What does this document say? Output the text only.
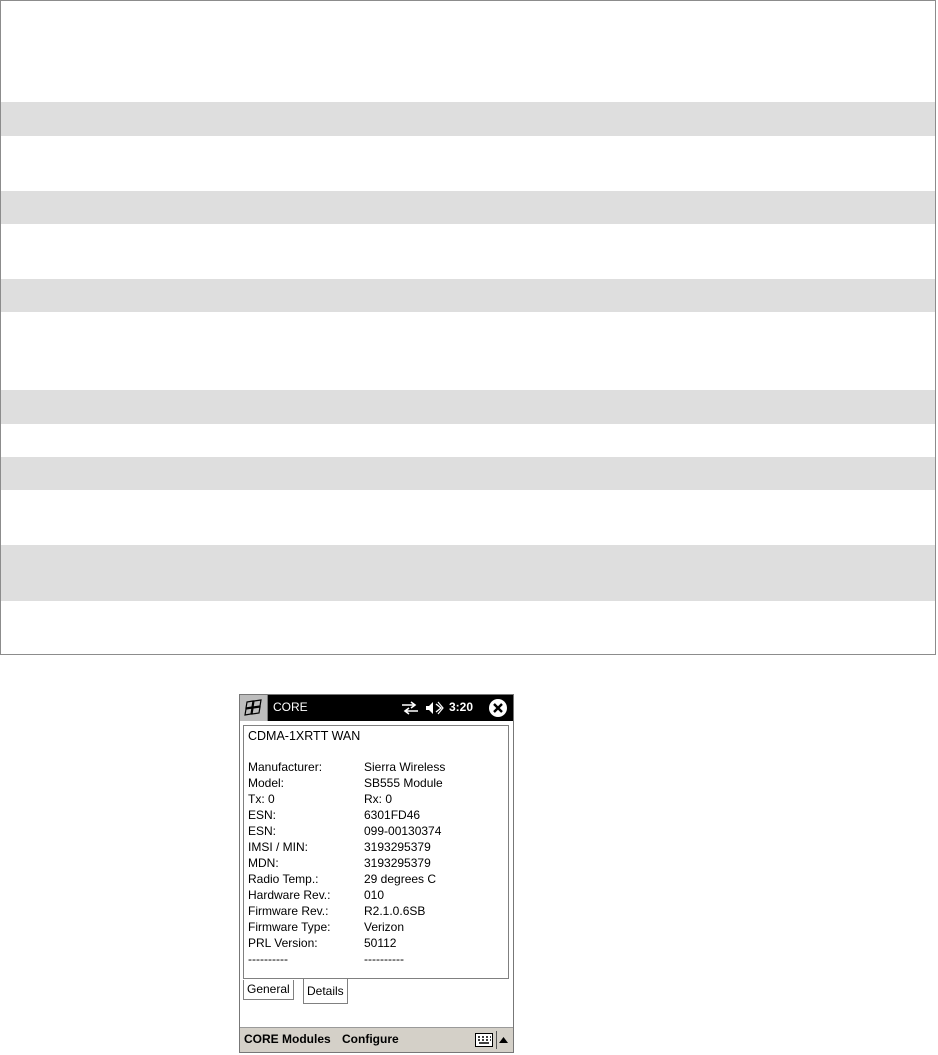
CORE	3:20
CDMA-1XRTT WAN
Manufacturer:	Sierra Wireless
Model:	SB555 Module
Tx: 0	Rx: 0
ESN:	6301FD46
ESN:	099-00130374
IMSI / MIN:	3193295379
MDN:	3193295379
Radio Temp.:	29 degrees C
Hardware Rev.:	010
Firmware Rev.:	R2.1.0.6SB
Firmware Type:	Verizon
PRL Version:	50112
----------	----------
General	Details
CORE Modules Configure
